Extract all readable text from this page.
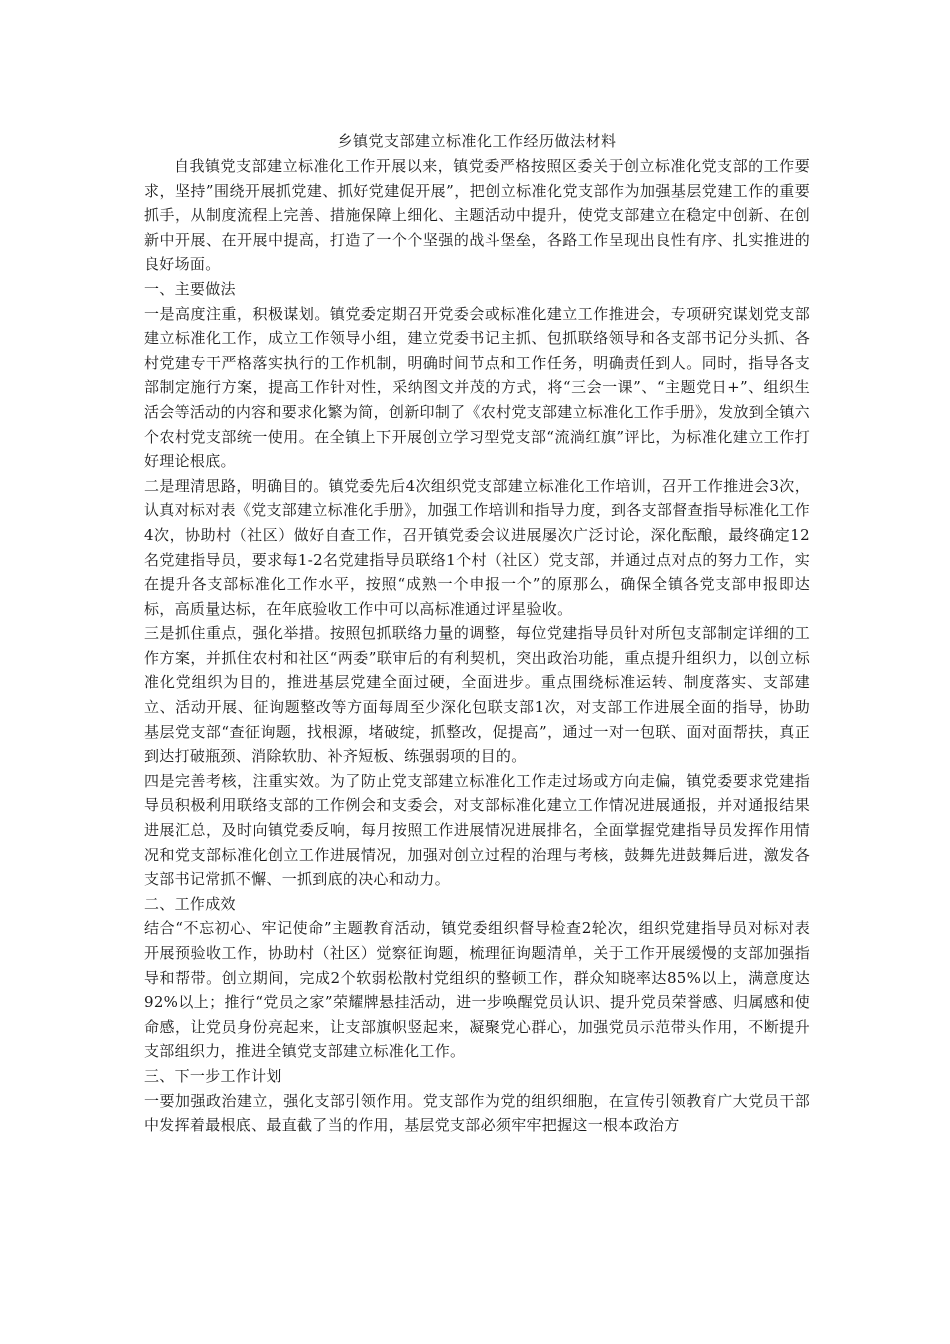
乡镇党支部建立标准化工作经历做法材料

自我镇党支部建立标准化工作开展以来，镇党委严格按照区委关于创立标准化党支部的工作要求，坚持”围绕开展抓党建、抓好党建促开展”，把创立标准化党支部作为加强基层党建工作的重要抓手，从制度流程上完善、措施保障上细化、主题活动中提升，使党支部建立在稳定中创新、在创新中开展、在开展中提高，打造了一个个坚强的战斗堡垒，各路工作呈现出良性有序、扎实推进的良好场面。

一、主要做法

一是高度注重，积极谋划。镇党委定期召开党委会或标准化建立工作推进会，专项研究谋划党支部建立标准化工作，成立工作领导小组，建立党委书记主抓、包抓联络领导和各支部书记分头抓、各村党建专干严格落实执行的工作机制，明确时间节点和工作任务，明确责任到人。同时，指导各支部制定施行方案，提高工作针对性，采纳图文并茂的方式，将“三会一课”、“主题党日+”、组织生活会等活动的内容和要求化繁为简，创新印制了《农村党支部建立标准化工作手册》，发放到全镇六个农村党支部统一使用。在全镇上下开展创立学习型党支部“流淌红旗”评比，为标准化建立工作打好理论根底。

二是理清思路，明确目的。镇党委先后4次组织党支部建立标准化工作培训，召开工作推进会3次，认真对标对表《党支部建立标准化手册》，加强工作培训和指导力度，到各支部督查指导标准化工作4次，协助村（社区）做好自查工作，召开镇党委会议进展屡次广泛讨论，深化酝酿，最终确定12名党建指导员，要求每1-2名党建指导员联络1个村（社区）党支部，并通过点对点的努力工作，实在提升各支部标准化工作水平，按照“成熟一个申报一个”的原那么，确保全镇各党支部申报即达标，高质量达标，在年底验收工作中可以高标准通过评星验收。

三是抓住重点，强化举措。按照包抓联络力量的调整，每位党建指导员针对所包支部制定详细的工作方案，并抓住农村和社区“两委”联审后的有利契机，突出政治功能，重点提升组织力，以创立标准化党组织为目的，推进基层党建全面过硬，全面进步。重点围绕标准运转、制度落实、支部建立、活动开展、征询题整改等方面每周至少深化包联支部1次，对支部工作进展全面的指导，协助基层党支部“查征询题，找根源，堵破绽，抓整改，促提高”，通过一对一包联、面对面帮扶，真正到达打破瓶颈、消除软肋、补齐短板、练强弱项的目的。

四是完善考核，注重实效。为了防止党支部建立标准化工作走过场或方向走偏，镇党委要求党建指导员积极利用联络支部的工作例会和支委会，对支部标准化建立工作情况进展通报，并对通报结果进展汇总，及时向镇党委反响，每月按照工作进展情况进展排名，全面掌握党建指导员发挥作用情况和党支部标准化创立工作进展情况，加强对创立过程的治理与考核，鼓舞先进鼓舞后进，激发各支部书记常抓不懈、一抓到底的决心和动力。

二、工作成效

结合“不忘初心、牢记使命”主题教育活动，镇党委组织督导检查2轮次，组织党建指导员对标对表开展预验收工作，协助村（社区）觉察征询题，梳理征询题清单，关于工作开展缓慢的支部加强指导和帮带。创立期间，完成2个软弱松散村党组织的整顿工作，群众知晓率达85%以上，满意度达92%以上；推行“党员之家”荣耀牌悬挂活动，进一步唤醒党员认识、提升党员荣誉感、归属感和使命感，让党员身份亮起来，让支部旗帜竖起来，凝聚党心群心，加强党员示范带头作用，不断提升支部组织力，推进全镇党支部建立标准化工作。

三、下一步工作计划

一要加强政治建立，强化支部引领作用。党支部作为党的组织细胞，在宣传引领教育广大党员干部中发挥着最根底、最直截了当的作用，基层党支部必须牢牢把握这一根本政治方
